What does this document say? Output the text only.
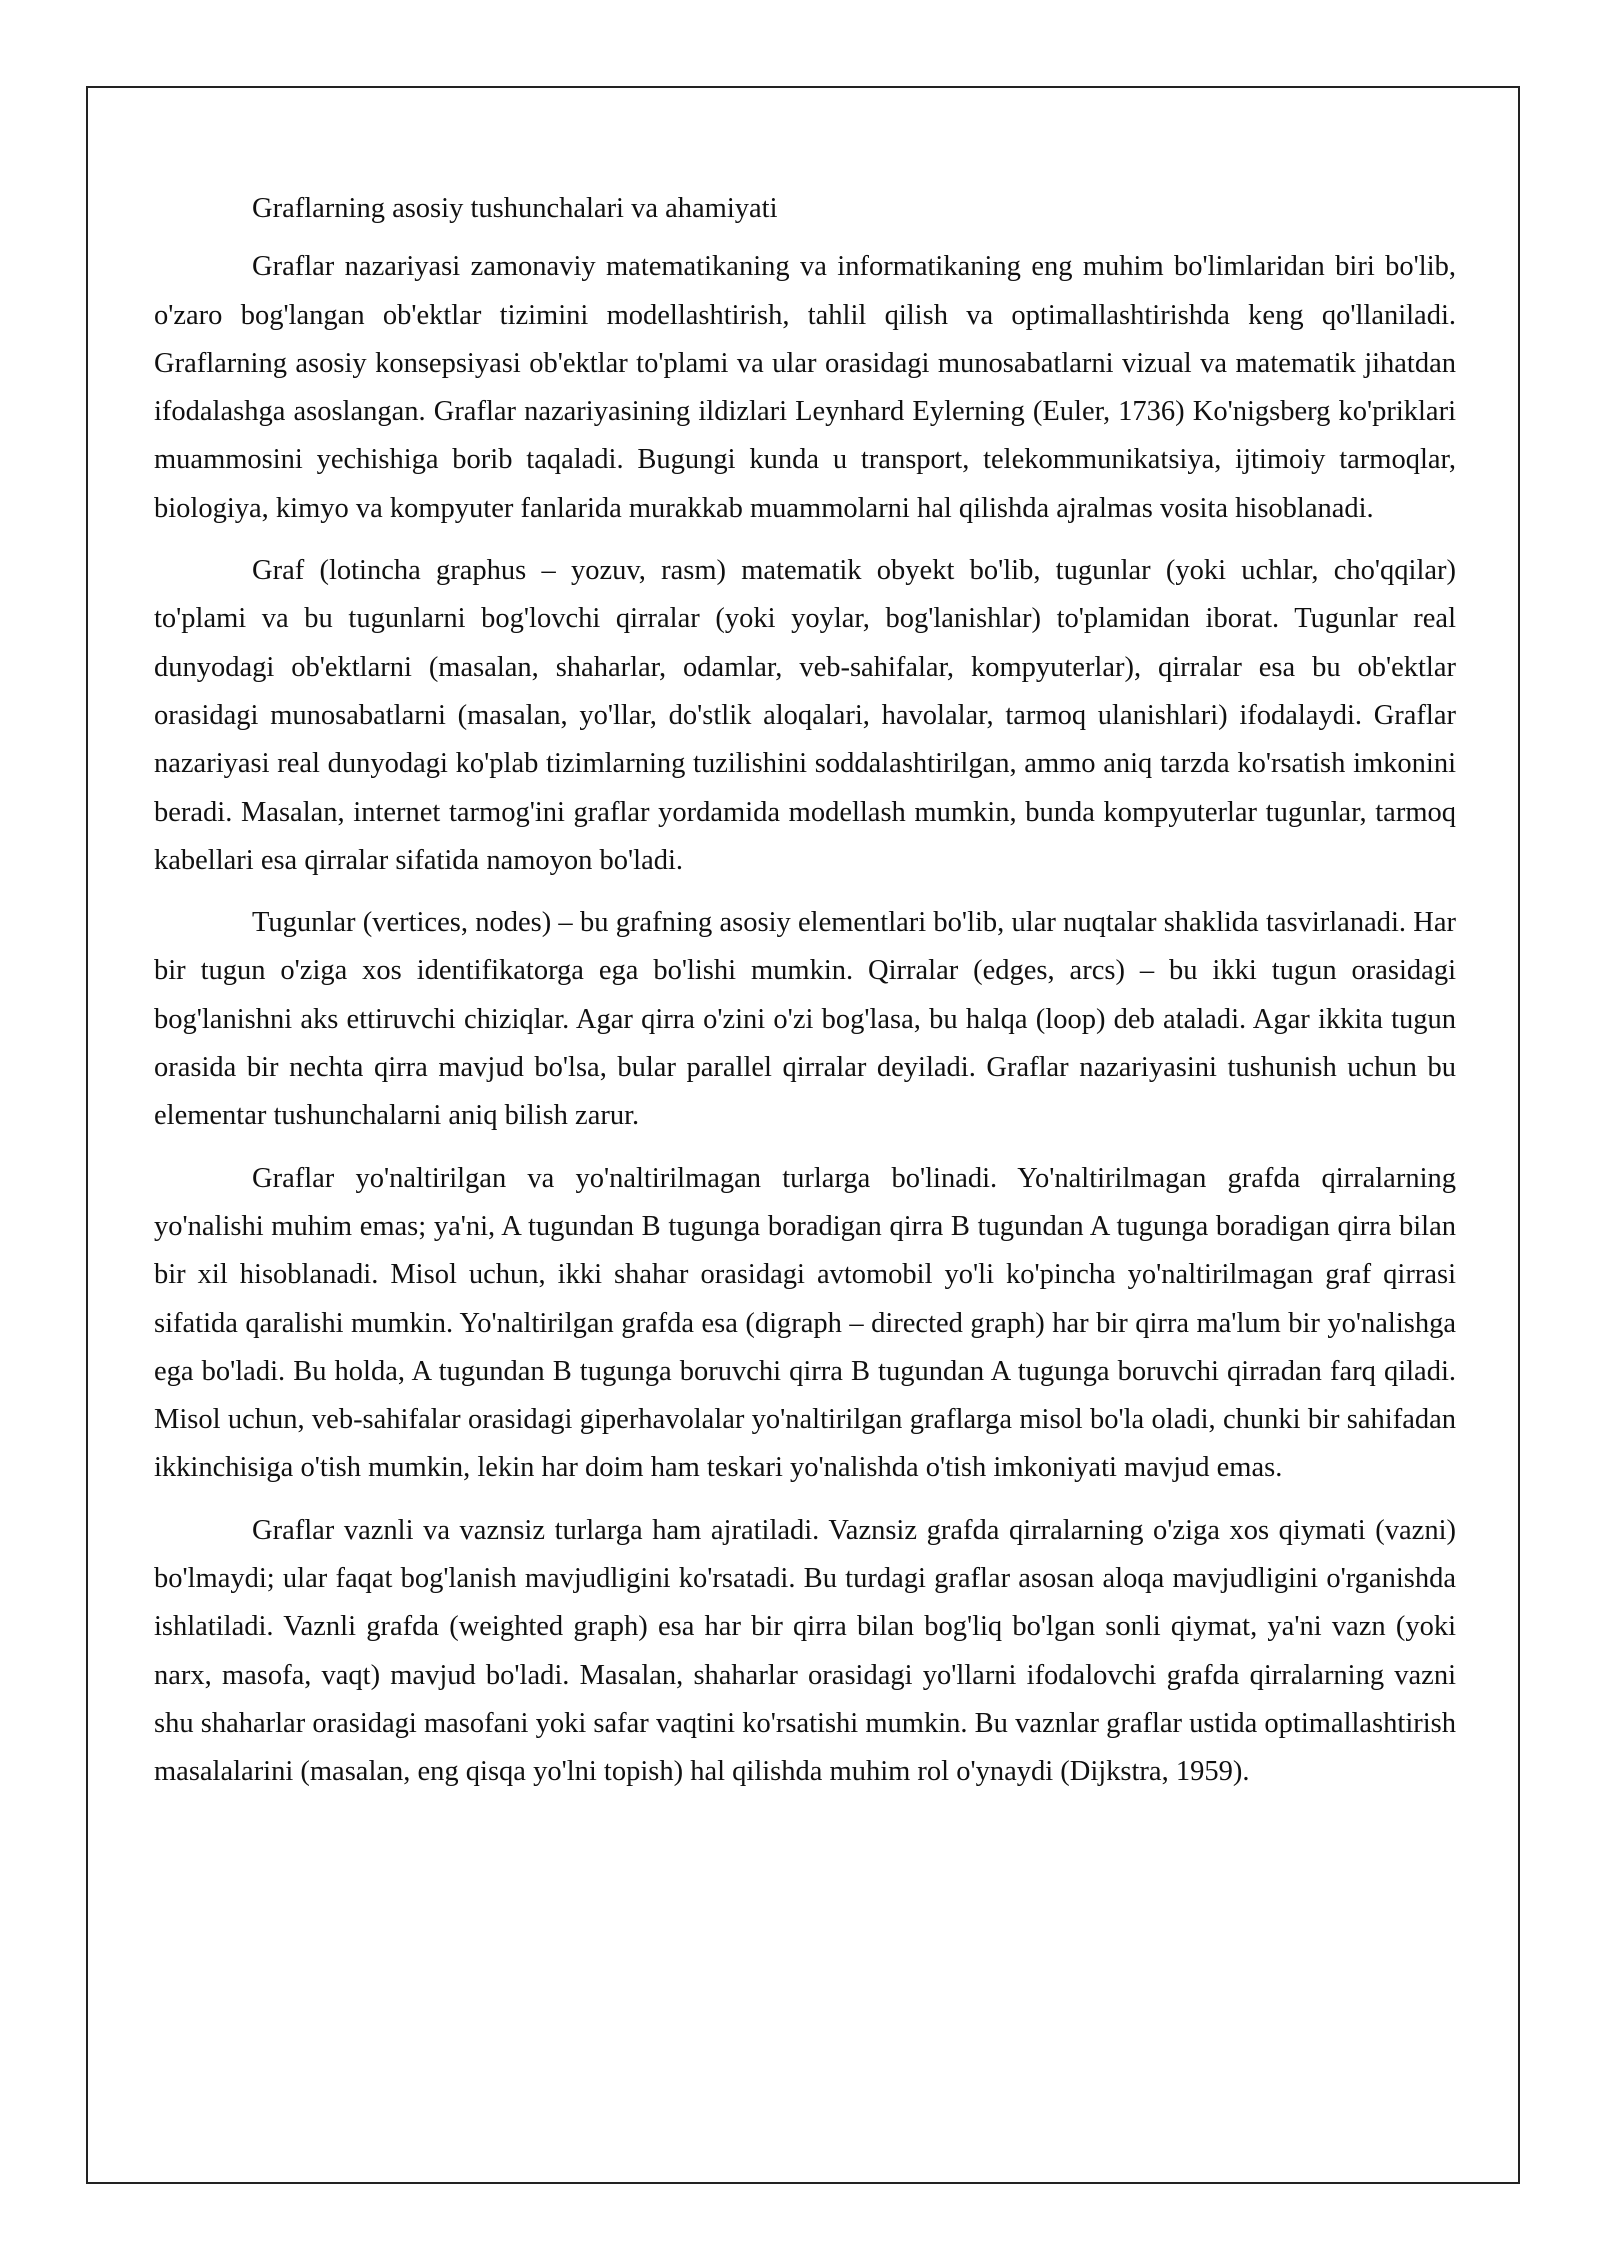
Graflarning asosiy tushunchalari va ahamiyati

Graflar nazariyasi zamonaviy matematikaning va informatikaning eng muhim bo'limlaridan biri bo'lib, o'zaro bog'langan ob'ektlar tizimini modellashtirish, tahlil qilish va optimallashtirishda keng qo'llaniladi. Graflarning asosiy konsepsiyasi ob'ektlar to'plami va ular orasidagi munosabatlarni vizual va matematik jihatdan ifodalashga asoslangan. Graflar nazariyasining ildizlari Leynhard Eylerning (Euler, 1736) Ko'nigsberg ko'priklari muammosini yechishiga borib taqaladi. Bugungi kunda u transport, telekommunikatsiya, ijtimoiy tarmoqlar, biologiya, kimyo va kompyuter fanlarida murakkab muammolarni hal qilishda ajralmas vosita hisoblanadi.

Graf (lotincha graphus – yozuv, rasm) matematik obyekt bo'lib, tugunlar (yoki uchlar, cho'qqilar) to'plami va bu tugunlarni bog'lovchi qirralar (yoki yoylar, bog'lanishlar) to'plamidan iborat. Tugunlar real dunyodagi ob'ektlarni (masalan, shaharlar, odamlar, veb-sahifalar, kompyuterlar), qirralar esa bu ob'ektlar orasidagi munosabatlarni (masalan, yo'llar, do'stlik aloqalari, havolalar, tarmoq ulanishlari) ifodalaydi. Graflar nazariyasi real dunyodagi ko'plab tizimlarning tuzilishini soddalashtirilgan, ammo aniq tarzda ko'rsatish imkonini beradi. Masalan, internet tarmog'ini graflar yordamida modellash mumkin, bunda kompyuterlar tugunlar, tarmoq kabellari esa qirralar sifatida namoyon bo'ladi.

Tugunlar (vertices, nodes) – bu grafning asosiy elementlari bo'lib, ular nuqtalar shaklida tasvirlanadi. Har bir tugun o'ziga xos identifikatorga ega bo'lishi mumkin. Qirralar (edges, arcs) – bu ikki tugun orasidagi bog'lanishni aks ettiruvchi chiziqlar. Agar qirra o'zini o'zi bog'lasa, bu halqa (loop) deb ataladi. Agar ikkita tugun orasida bir nechta qirra mavjud bo'lsa, bular parallel qirralar deyiladi. Graflar nazariyasini tushunish uchun bu elementar tushunchalarni aniq bilish zarur.

Graflar yo'naltirilgan va yo'naltirilmagan turlarga bo'linadi. Yo'naltirilmagan grafda qirralarning yo'nalishi muhim emas; ya'ni, A tugundan B tugunga boradigan qirra B tugundan A tugunga boradigan qirra bilan bir xil hisoblanadi. Misol uchun, ikki shahar orasidagi avtomobil yo'li ko'pincha yo'naltirilmagan graf qirrasi sifatida qaralishi mumkin. Yo'naltirilgan grafda esa (digraph – directed graph) har bir qirra ma'lum bir yo'nalishga ega bo'ladi. Bu holda, A tugundan B tugunga boruvchi qirra B tugundan A tugunga boruvchi qirradan farq qiladi. Misol uchun, veb-sahifalar orasidagi giperhavolalar yo'naltirilgan graflarga misol bo'la oladi, chunki bir sahifadan ikkinchisiga o'tish mumkin, lekin har doim ham teskari yo'nalishda o'tish imkoniyati mavjud emas.

Graflar vaznli va vaznsiz turlarga ham ajratiladi. Vaznsiz grafda qirralarning o'ziga xos qiymati (vazni) bo'lmaydi; ular faqat bog'lanish mavjudligini ko'rsatadi. Bu turdagi graflar asosan aloqa mavjudligini o'rganishda ishlatiladi. Vaznli grafda (weighted graph) esa har bir qirra bilan bog'liq bo'lgan sonli qiymat, ya'ni vazn (yoki narx, masofa, vaqt) mavjud bo'ladi. Masalan, shaharlar orasidagi yo'llarni ifodalovchi grafda qirralarning vazni shu shaharlar orasidagi masofani yoki safar vaqtini ko'rsatishi mumkin. Bu vaznlar graflar ustida optimallashtirish masalalarini (masalan, eng qisqa yo'lni topish) hal qilishda muhim rol o'ynaydi (Dijkstra, 1959).
